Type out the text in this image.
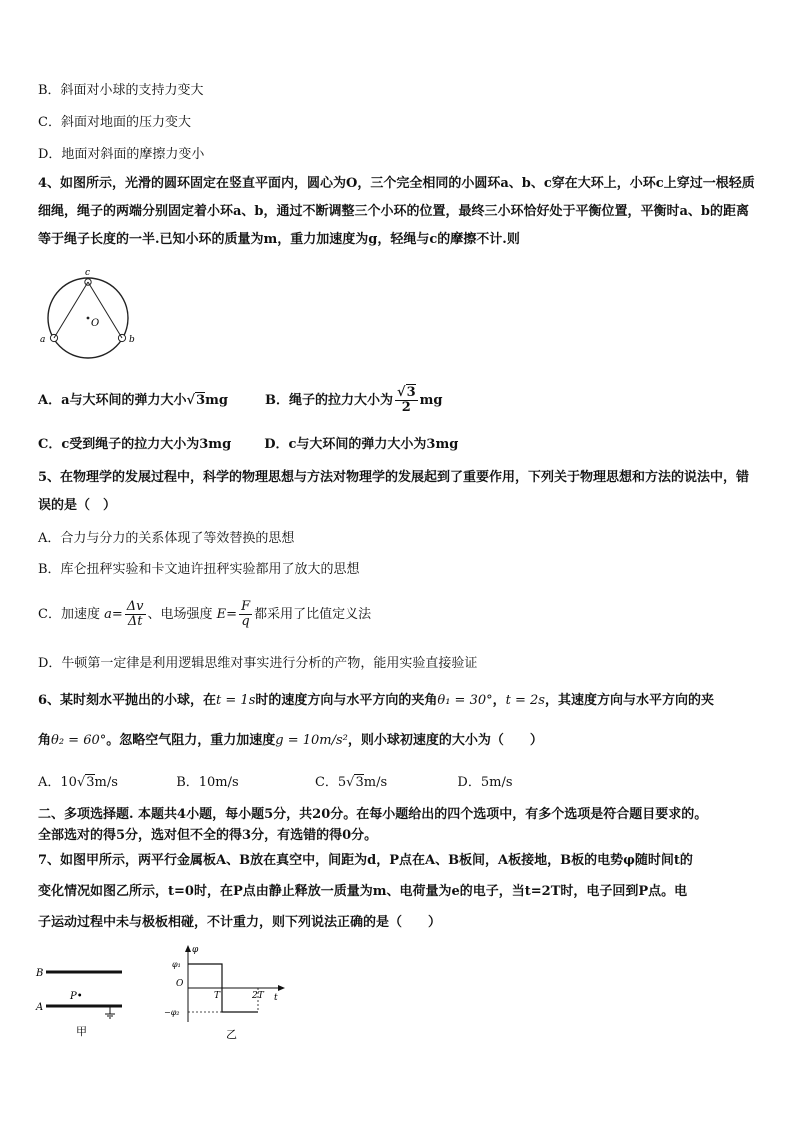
B．斜面对小球的支持力变大
C．斜面对地面的压力变大
D．地面对斜面的摩擦力变小
4、如图所示，光滑的圆环固定在竖直平面内，圆心为O，三个完全相同的小圆环a、b、c穿在大环上，小环c上穿过一根轻质细绳，绳子的两端分别固定着小环a、b，通过不断调整三个小环的位置，最终三小环恰好处于平衡位置，平衡时a、b的距离等于绳子长度的一半.已知小环的质量为m，重力加速度为g，轻绳与c的摩擦不计.则
c
O
a	b
A．a与大环间的弹力大小√3mg	B．绳子的拉力大小为 $\frac{√3}{2}$ mg
C．c受到绳子的拉力大小为3mg	D．c与大环间的弹力大小为3mg
5、在物理学的发展过程中，科学的物理思想与方法对物理学的发展起到了重要作用，下列关于物理思想和方法的说法中，错误的是（　）
A．合力与分力的关系体现了等效替换的思想
B．库仑扭秤实验和卡文迪许扭秤实验都用了放大的思想
C．加速度 $a= \frac{\Delta v}{\Delta t}$ 、电场强度 $E= \frac{F}{q}$ 都采用了比值定义法
D．牛顿第一定律是利用逻辑思维对事实进行分析的产物，能用实验直接验证
6、某时刻水平抛出的小球，在t = 1s时的速度方向与水平方向的夹角θ₁ = 30°，t = 2s，其速度方向与水平方向的夹
角θ₂ = 60°。忽略空气阻力，重力加速度g = 10m/s²，则小球初速度的大小为（　　）
A．10√3m/s	B．10m/s	C．5√3m/s	D．5m/s
二、多项选择题. 本题共4小题，每小题5分，共20分。在每小题给出的四个选项中，有多个选项是符合题目要求的。
全部选对的得5分，选对但不全的得3分，有选错的得0分。
7、如图甲所示，两平行金属板A、B放在真空中，间距为d，P点在A、B板间，A板接地，B板的电势φ随时间t的
变化情况如图乙所示，t=0时，在P点由静止释放一质量为m、电荷量为e的电子，当t=2T时，电子回到P点。电
子运动过程中未与极板相碰，不计重力，则下列说法正确的是（　　）
B
A
P•
甲
φ
φ₁
O
T	2T t
−φ₂
乙
